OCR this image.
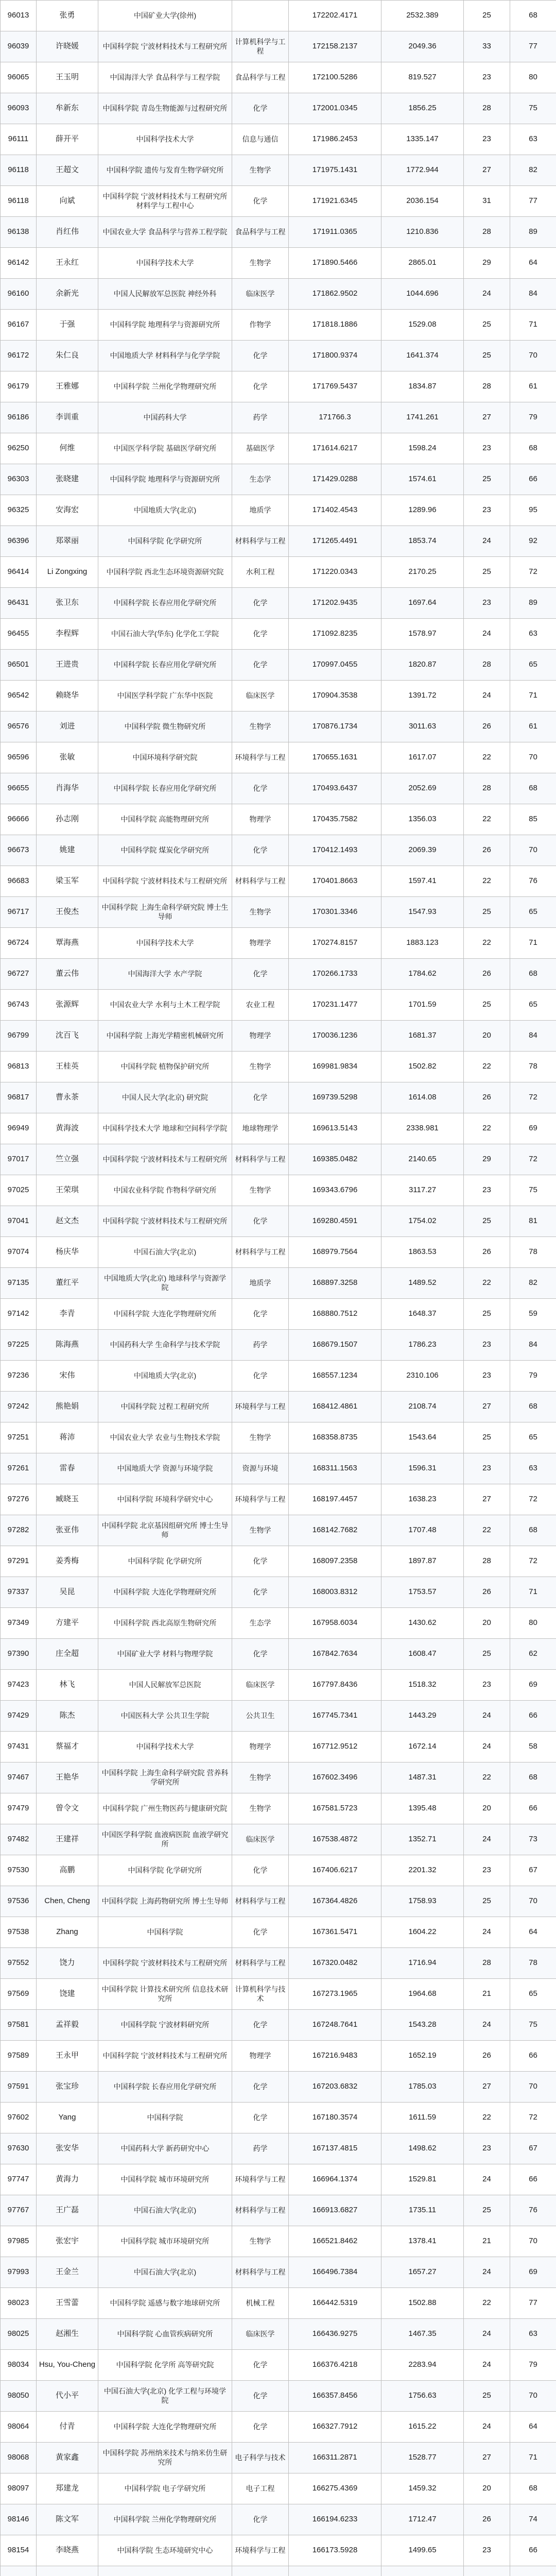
96013	张勇	中国矿业大学(徐州)		172202.4171	2532.389	25	68
96039	许晓媛	中国科学院 宁波材料技术与工程研究所	计算机科学与工程	172158.2137	2049.36	33	77
96065	王玉明	中国海洋大学 食品科学与工程学院	食品科学与工程	172100.5286	819.527	23	80
96093	牟新东	中国科学院 青岛生物能源与过程研究所	化学	172001.0345	1856.25	28	75
96111	薛开平	中国科学技术大学	信息与通信	171986.2453	1335.147	23	63
96118	王超文	中国科学院 遗传与发育生物学研究所	生物学	171975.1431	1772.944	27	82
96118	向斌	中国科学院 宁波材料技术与工程研究所 材料学与工程中心	化学	171921.6345	2036.154	31	77
96138	肖红伟	中国农业大学 食品科学与营养工程学院	食品科学与工程	171911.0365	1210.836	28	89
96142	王永红	中国科学技术大学	生物学	171890.5466	2865.01	29	64
96160	余新光	中国人民解放军总医院 神经外科	临床医学	171862.9502	1044.696	24	84
96167	于强	中国科学院 地理科学与资源研究所	作物学	171818.1886	1529.08	25	71
96172	朱仁良	中国地质大学 材料科学与化学学院	化学	171800.9374	1641.374	25	70
96179	王雅娜	中国科学院 兰州化学物理研究所	化学	171769.5437	1834.87	28	61
96186	李训重	中国药科大学	药学	171766.3	1741.261	27	79
96250	何维	中国医学科学院 基础医学研究所	基础医学	171614.6217	1598.24	23	68
96303	张晓建	中国科学院 地理科学与资源研究所	生态学	171429.0288	1574.61	25	66
96325	安海宏	中国地质大学(北京)	地质学	171402.4543	1289.96	23	95
96396	郑翠丽	中国科学院 化学研究所	材料科学与工程	171265.4491	1853.74	24	92
96414	Li Zongxing	中国科学院 西北生态环境资源研究院	水利工程	171220.0343	2170.25	25	72
96431	张卫东	中国科学院 长春应用化学研究所	化学	171202.9435	1697.64	23	89
96455	李程辉	中国石油大学(华东) 化学化工学院	化学	171092.8235	1578.97	24	63
96501	王进贵	中国科学院 长春应用化学研究所	化学	170997.0455	1820.87	28	65
96542	赖晓华	中国医学科学院 广东华中医院	临床医学	170904.3538	1391.72	24	71
96576	刘进	中国科学院 微生物研究所	生物学	170876.1734	3011.63	26	61
96596	张敏	中国环境科学研究院	环境科学与工程	170655.1631	1617.07	22	70
96655	肖海华	中国科学院 长春应用化学研究所	化学	170493.6437	2052.69	28	68
96666	孙志刚	中国科学院 高能物理研究所	物理学	170435.7582	1356.03	22	85
96673	姚建	中国科学院 煤炭化学研究所	化学	170412.1493	2069.39	26	70
96683	梁玉军	中国科学院 宁波材料技术与工程研究所	材料科学与工程	170401.8663	1597.41	22	76
96717	王俊杰	中国科学院 上海生命科学研究院 博士生导师	生物学	170301.3346	1547.93	25	65
96724	覃海燕	中国科学技术大学	物理学	170274.8157	1883.123	22	71
96727	董云伟	中国海洋大学 水产学院	化学	170266.1733	1784.62	26	68
96743	张源辉	中国农业大学 水利与土木工程学院	农业工程	170231.1477	1701.59	25	65
96799	沈百飞	中国科学院 上海光学精密机械研究所	物理学	170036.1236	1681.37	20	84
96813	王桂英	中国科学院 植物保护研究所	生物学	169981.9834	1502.82	22	78
96817	曹永茶	中国人民大学(北京) 研究院	化学	169739.5298	1614.08	26	72
96949	黄海波	中国科学技术大学 地球和空间科学学院	地球物理学	169613.5143	2338.981	22	69
97017	竺立强	中国科学院 宁波材料技术与工程研究所	材料科学与工程	169385.0482	2140.65	29	72
97025	王荣琪	中国农业科学院 作物科学研究所	生物学	169343.6796	3117.27	23	75
97041	赵文杰	中国科学院 宁波材料技术与工程研究所	化学	169280.4591	1754.02	25	81
97074	杨庆华	中国石油大学(北京)	材料科学与工程	168979.7564	1863.53	26	78
97135	董红平	中国地质大学(北京) 地球科学与资源学院	地质学	168897.3258	1489.52	22	82
97142	李青	中国科学院 大连化学物理研究所	化学	168880.7512	1648.37	25	59
97225	陈海燕	中国药科大学 生命科学与技术学院	药学	168679.1507	1786.23	23	84
97236	宋伟	中国地质大学(北京)	化学	168557.1234	2310.106	23	79
97242	熊艳娟	中国科学院 过程工程研究所	环境科学与工程	168412.4861	2108.74	27	68
97251	蒋沛	中国农业大学 农业与生物技术学院	生物学	168358.8735	1543.64	25	65
97261	雷春	中国地质大学 资源与环境学院	资源与环境	168311.1563	1596.31	23	63
97276	臧晓玉	中国科学院 环境科学研究中心	环境科学与工程	168197.4457	1638.23	27	72
97282	张亚伟	中国科学院 北京基因组研究所 博士生导师	生物学	168142.7682	1707.48	22	68
97291	姜秀梅	中国科学院 化学研究所	化学	168097.2358	1897.87	28	72
97337	吴昆	中国科学院 大连化学物理研究所	化学	168003.8312	1753.57	26	71
97349	方建平	中国科学院 西北高原生物研究所	生态学	167958.6034	1430.62	20	80
97390	庄全超	中国矿业大学 材料与物理学院	化学	167842.7634	1608.47	25	62
97423	林飞	中国人民解放军总医院	临床医学	167797.8436	1518.32	23	69
97429	陈杰	中国医科大学 公共卫生学院	公共卫生	167745.7341	1443.29	24	66
97431	蔡福才	中国科学技术大学	物理学	167712.9512	1672.14	24	58
97467	王艳华	中国科学院 上海生命科学研究院 营养科学研究所	生物学	167602.3496	1487.31	22	68
97479	曾令文	中国科学院 广州生物医药与健康研究院	生物学	167581.5723	1395.48	20	66
97482	王建祥	中国医学科学院 血液病医院 血液学研究所	临床医学	167538.4872	1352.71	24	73
97530	高鹏	中国科学院 化学研究所	化学	167406.6217	2201.32	23	67
97536	Chen, Cheng	中国科学院 上海药物研究所 博士生导师	材料科学与工程	167364.4826	1758.93	25	70
97538	Zhang	中国科学院	化学	167361.5471	1604.22	24	64
97552	饶力	中国科学院 宁波材料技术与工程研究所	材料科学与工程	167320.0482	1716.94	28	78
97569	饶建	中国科学院 计算技术研究所 信息技术研究所	计算机科学与技术	167273.1965	1964.68	21	65
97581	孟祥毅	中国科学院 宁波材料研究所	化学	167248.7641	1543.28	24	75
97589	王永甲	中国科学院 宁波材料技术与工程研究所	物理学	167216.9483	1652.19	26	66
97591	张宝珍	中国科学院 长春应用化学研究所	化学	167203.6832	1785.03	27	70
97602	Yang	中国科学院	化学	167180.3574	1611.59	22	72
97630	张安华	中国药科大学 新药研究中心	药学	167137.4815	1498.62	23	67
97747	黄海力	中国科学院 城市环境研究所	环境科学与工程	166964.1374	1529.81	24	66
97767	王广磊	中国石油大学(北京)	材料科学与工程	166913.6827	1735.11	25	76
97985	张宏宇	中国科学院 城市环境研究所	生物学	166521.8462	1378.41	21	70
97993	王金兰	中国石油大学(北京)	材料科学与工程	166496.7384	1657.27	24	69
98023	王雪蕾	中国科学院 遥感与数字地球研究所	机械工程	166442.5319	1502.88	22	77
98025	赵湘生	中国科学院 心血管疾病研究所	临床医学	166436.9275	1467.35	24	63
98034	Hsu, You-Cheng	中国科学院 化学所 高等研究院	化学	166376.4218	2283.94	24	79
98050	代小平	中国石油大学(北京) 化学工程与环境学院	化学	166357.8456	1756.63	25	70
98064	付青	中国科学院 大连化学物理研究所	化学	166327.7912	1615.22	24	64
98068	黄家鑫	中国科学院 苏州纳米技术与纳米仿生研究所	电子科学与技术	166311.2871	1528.77	27	71
98097	郑建龙	中国科学院 电子学研究所	电子工程	166275.4369	1459.32	20	68
98146	陈文军	中国科学院 兰州化学物理研究所	化学	166194.6233	1712.47	26	74
98154	李晓燕	中国科学院 生态环境研究中心	环境科学与工程	166173.5928	1499.65	23	66
